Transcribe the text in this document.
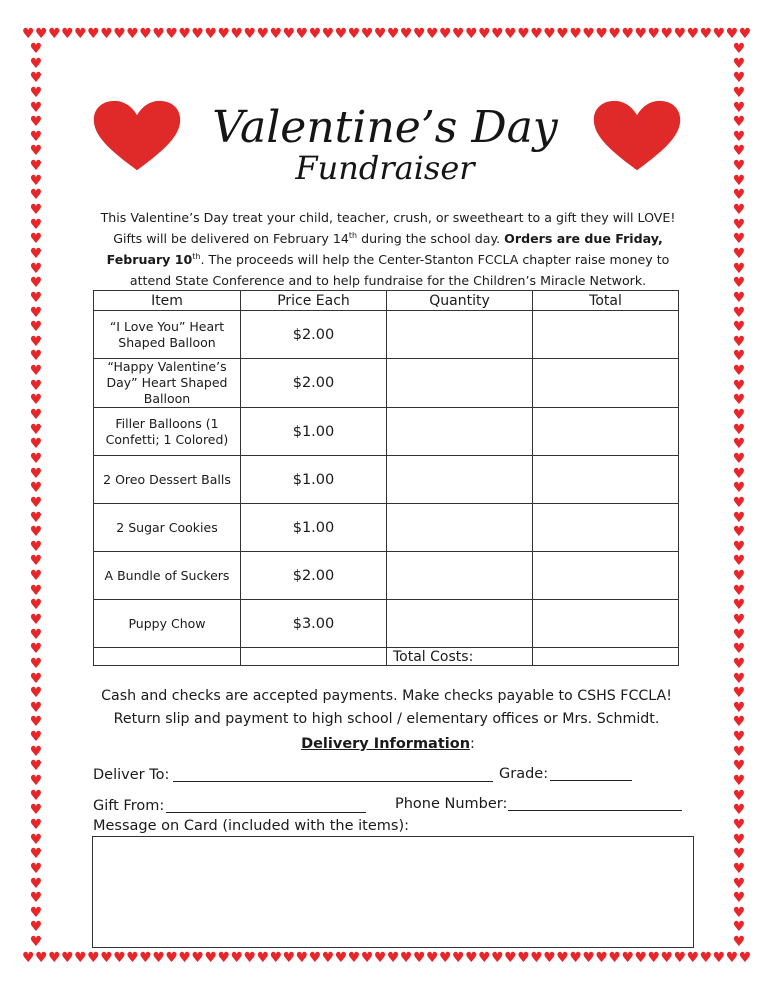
♥ ♥ ♥ ♥ ♥ ♥ ♥ ♥ ♥ ♥ ♥ ♥ ♥ ♥ ♥ ♥ ♥ ♥ ♥ ♥ ♥ ♥ ♥ ♥ ♥ ♥ ♥ ♥ ♥ ♥ ♥ ♥ ♥ ♥ ♥ ♥ ♥ ♥ ♥ ♥ ♥ ♥ ♥ ♥ ♥ ♥ ♥ ♥ ♥ ♥ ♥ ♥ ♥ ♥ ♥ ♥
♥ ♥ ♥ ♥ ♥ ♥ ♥ ♥ ♥ ♥ ♥ ♥ ♥ ♥ ♥ ♥ ♥ ♥ ♥ ♥ ♥ ♥ ♥ ♥ ♥ ♥ ♥ ♥ ♥ ♥ ♥ ♥ ♥ ♥ ♥ ♥ ♥ ♥ ♥ ♥ ♥ ♥ ♥ ♥ ♥ ♥ ♥ ♥ ♥ ♥ ♥ ♥ ♥ ♥ ♥ ♥
♥
♥
♥
♥
♥
♥
♥
♥
♥
♥
♥
♥
♥
♥
♥
♥
♥
♥
♥
♥
♥
♥
♥
♥
♥
♥
♥
♥
♥
♥
♥
♥
♥
♥
♥
♥
♥
♥
♥
♥
♥
♥
♥
♥
♥
♥
♥
♥
♥
♥
♥
♥
♥
♥
♥
♥
♥
♥
♥
♥
♥
♥
♥
♥
♥
♥
♥
♥
♥
♥
♥
♥
♥
♥
♥
♥
♥
♥
♥
♥
♥
♥
♥
♥
♥
♥
♥
♥
♥
♥
♥
♥
♥
♥
♥
♥
♥
♥
♥
♥
♥
♥
♥
♥
♥
♥
♥
♥
♥
♥
♥
♥
♥
♥
♥
♥
♥
♥
♥
♥
♥
♥
♥
♥
Valentine’s Day
Fundraiser
This Valentine’s Day treat your child, teacher, crush, or sweetheart to a gift they will LOVE! Gifts will be delivered on February 14th during the school day. Orders are due Friday, February 10th. The proceeds will help the Center-Stanton FCCLA chapter raise money to attend State Conference and to help fundraise for the Children’s Miracle Network.
Item	Price Each	Quantity	Total
“I Love You” Heart Shaped Balloon	$2.00		
“Happy Valentine’s Day” Heart Shaped Balloon	$2.00		
Filler Balloons (1 Confetti; 1 Colored)	$1.00		
2 Oreo Dessert Balls	$1.00		
2 Sugar Cookies	$1.00		
A Bundle of Suckers	$2.00		
Puppy Chow	$3.00		
		Total Costs:	
Cash and checks are accepted payments. Make checks payable to CSHS FCCLA!
Return slip and payment to high school / elementary offices or Mrs. Schmidt.
Delivery Information:
Deliver To:	Grade:
Gift From:	Phone Number:
Message on Card (included with the items):
